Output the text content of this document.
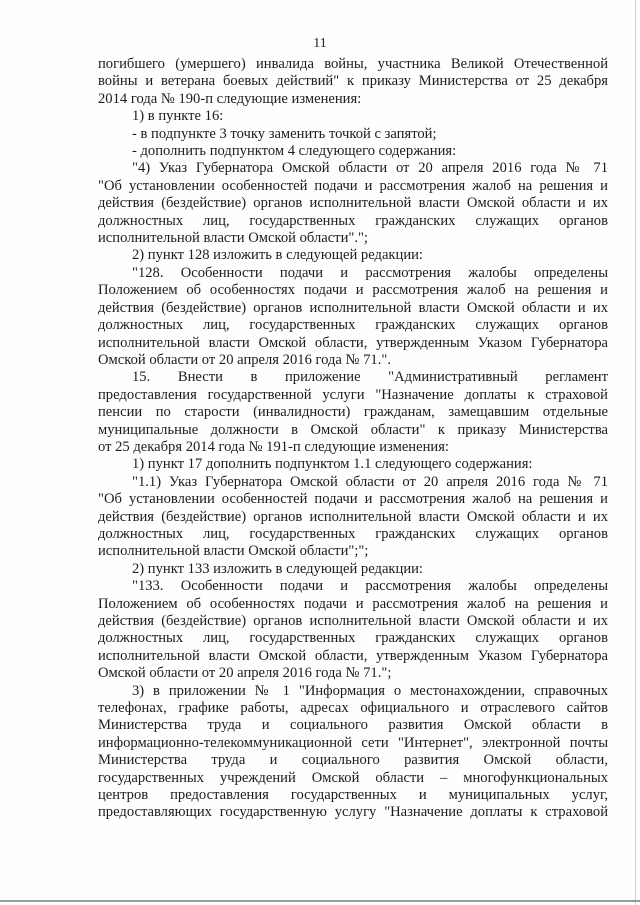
11

погибшего (умершего) инвалида войны, участника Великой Отечественной

войны и ветерана боевых действий" к приказу Министерства от 25 декабря

2014 года № 190-п следующие изменения:

1) в пункте 16:

- в подпункте 3 точку заменить точкой с запятой;

- дополнить подпунктом 4 следующего содержания:

"4) Указ Губернатора Омской области от 20 апреля 2016 года № 71

"Об установлении особенностей подачи и рассмотрения жалоб на решения и

действия (бездействие) органов исполнительной власти Омской области и их

должностных лиц, государственных гражданских служащих органов

исполнительной власти Омской области".";

2) пункт 128 изложить в следующей редакции:

"128. Особенности подачи и рассмотрения жалобы определены

Положением об особенностях подачи и рассмотрения жалоб на решения и

действия (бездействие) органов исполнительной власти Омской области и их

должностных лиц, государственных гражданских служащих органов

исполнительной власти Омской области, утвержденным Указом Губернатора

Омской области от 20 апреля 2016 года № 71.".

15. Внести в приложение "Административный регламент

предоставления государственной услуги "Назначение доплаты к страховой

пенсии по старости (инвалидности) гражданам, замещавшим отдельные

муниципальные должности в Омской области" к приказу Министерства

от 25 декабря 2014 года № 191-п следующие изменения:

1) пункт 17 дополнить подпунктом 1.1 следующего содержания:

"1.1) Указ Губернатора Омской области от 20 апреля 2016 года № 71

"Об установлении особенностей подачи и рассмотрения жалоб на решения и

действия (бездействие) органов исполнительной власти Омской области и их

должностных лиц, государственных гражданских служащих органов

исполнительной власти Омской области";";

2) пункт 133 изложить в следующей редакции:

"133. Особенности подачи и рассмотрения жалобы определены

Положением об особенностях подачи и рассмотрения жалоб на решения и

действия (бездействие) органов исполнительной власти Омской области и их

должностных лиц, государственных гражданских служащих органов

исполнительной власти Омской области, утвержденным Указом Губернатора

Омской области от 20 апреля 2016 года № 71.";

3) в приложении № 1 "Информация о местонахождении, справочных

телефонах, графике работы, адресах официального и отраслевого сайтов

Министерства труда и социального развития Омской области в

информационно-телекоммуникационной сети "Интернет", электронной почты

Министерства труда и социального развития Омской области,

государственных учреждений Омской области – многофункциональных

центров предоставления государственных и муниципальных услуг,

предоставляющих государственную услугу "Назначение доплаты к страховой
